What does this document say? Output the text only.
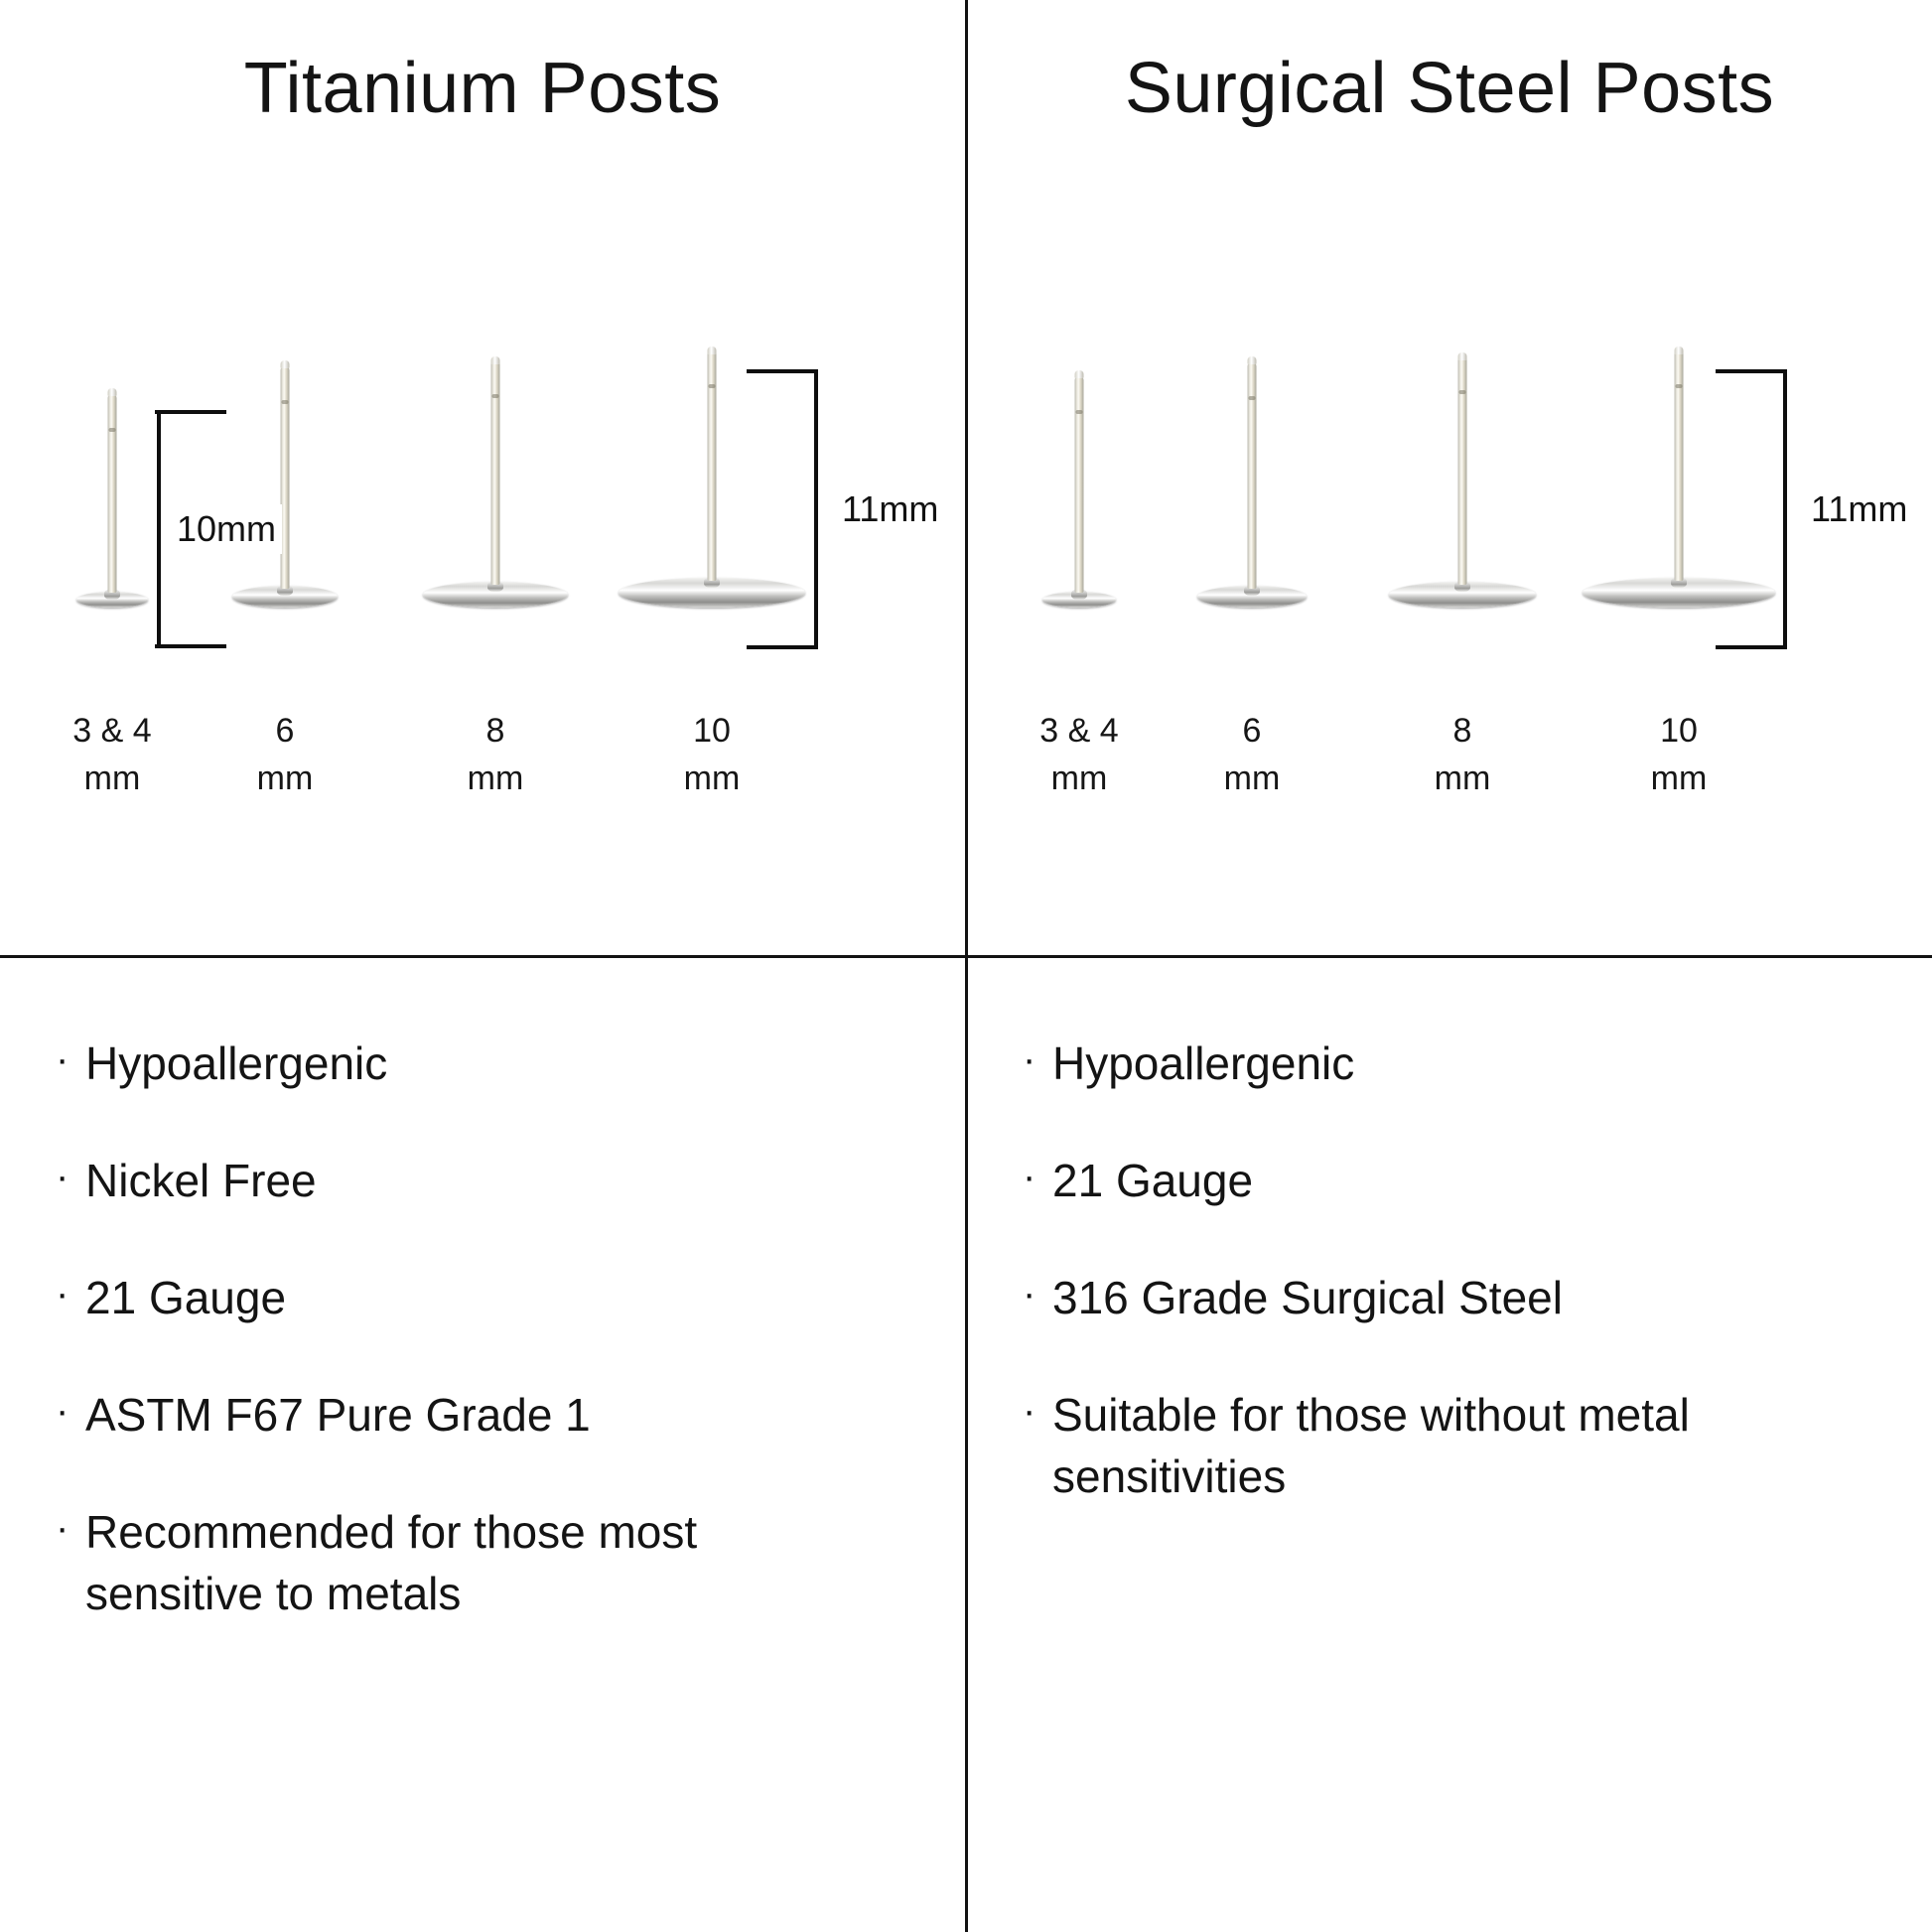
Titanium Posts
10mm	11mm
3 & 4
mm
6
mm
8
mm
10
mm
Surgical Steel Posts
11mm
3 & 4
mm
6
mm
8
mm
10
mm
· Hypoallergenic
· Nickel Free
· 21 Gauge
· ASTM F67 Pure Grade 1
· Recommended for those most sensitive to metals
· Hypoallergenic
· 21 Gauge
· 316 Grade Surgical Steel
· Suitable for those without metal sensitivities
